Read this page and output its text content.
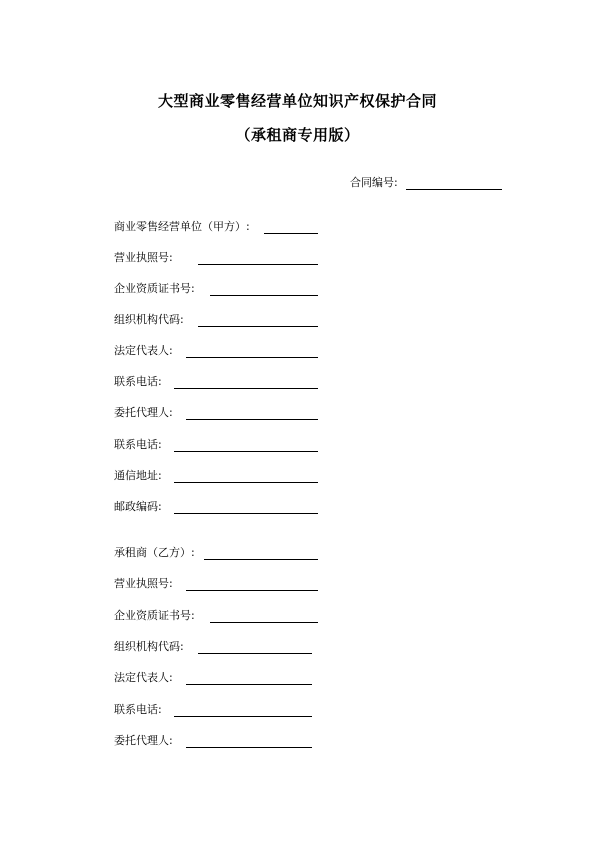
大型商业零售经营单位知识产权保护合同
（承租商专用版）
合同编号:
商业零售经营单位（甲方）:
营业执照号:
企业资质证书号:
组织机构代码:
法定代表人:
联系电话:
委托代理人:
联系电话:
通信地址:
邮政编码:
承租商（乙方）:
营业执照号:
企业资质证书号:
组织机构代码:
法定代表人:
联系电话:
委托代理人:
